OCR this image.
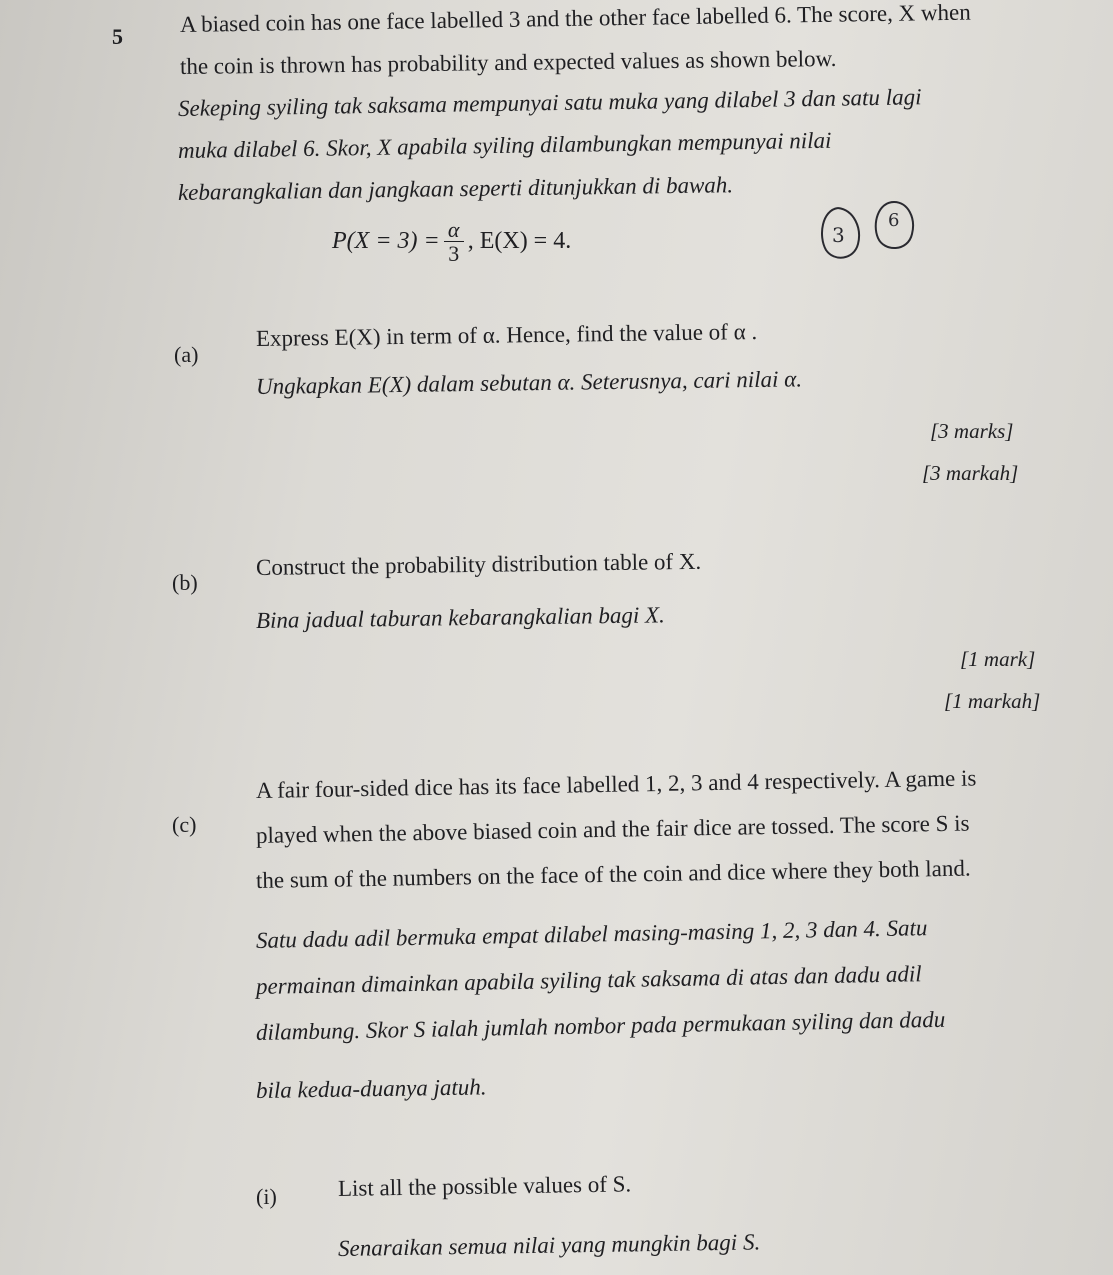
5 A biased coin has one face labelled 3 and the other face labelled 6. The score, X when
the coin is thrown has probability and expected values as shown below.
Sekeping syiling tak saksama mempunyai satu muka yang dilabel 3 dan satu lagi
muka dilabel 6. Skor, X apabila syiling dilambungkan mempunyai nilai
kebarangkalian dan jangkaan seperti ditunjukkan di bawah.
$P(X = 3) = \frac{\alpha}{3}$ , E(X) = 4.	3
6
(a)
Express E(X) in term of α. Hence, find the value of α .
Ungkapkan E(X) dalam sebutan α. Seterusnya, cari nilai α.
[3 marks]
[3 markah]
(b)
Construct the probability distribution table of X.
Bina jadual taburan kebarangkalian bagi X.
[1 mark]
[1 markah]
(c)
A fair four-sided dice has its face labelled 1, 2, 3 and 4 respectively. A game is
played when the above biased coin and the fair dice are tossed. The score S is
the sum of the numbers on the face of the coin and dice where they both land.
Satu dadu adil bermuka empat dilabel masing-masing 1, 2, 3 dan 4. Satu
permainan dimainkan apabila syiling tak saksama di atas dan dadu adil
dilambung. Skor S ialah jumlah nombor pada permukaan syiling dan dadu
bila kedua-duanya jatuh.
(i)	List all the possible values of S.
Senaraikan semua nilai yang mungkin bagi S.
